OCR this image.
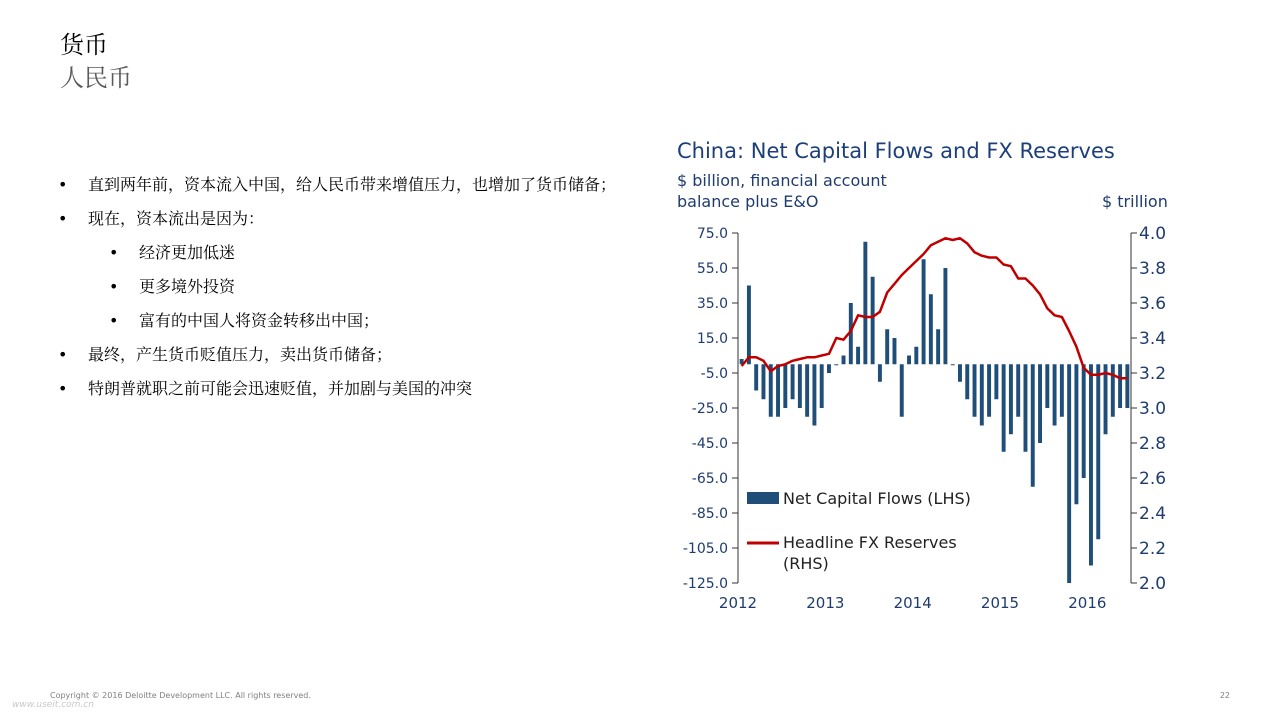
货币
人民币
• 直到两年前，资本流入中国，给人民币带来增值压力，也增加了货币储备；
• 现在，资本流出是因为：
• 经济更加低迷
• 更多境外投资
• 富有的中国人将资金转移出中国；
• 最终，产生货币贬值压力，卖出货币储备；
• 特朗普就职之前可能会迅速贬值，并加剧与美国的冲突
China: Net Capital Flows and FX Reserves
$ billion, financial account
balance plus E&O	$ trillion
75.0
55.0
35.0
15.0
-5.0
-25.0
-45.0
-65.0
-85.0
-105.0
-125.0
4.0
3.8
3.6
3.4
3.2
3.0
2.8
2.6
2.4
2.2
2.0
2012	2013	2014	2015	2016
Net Capital Flows (LHS)
Headline FX Reserves (RHS)
www.useit.com.cn
Copyright © 2016 Deloitte Development LLC. All rights reserved.	22
